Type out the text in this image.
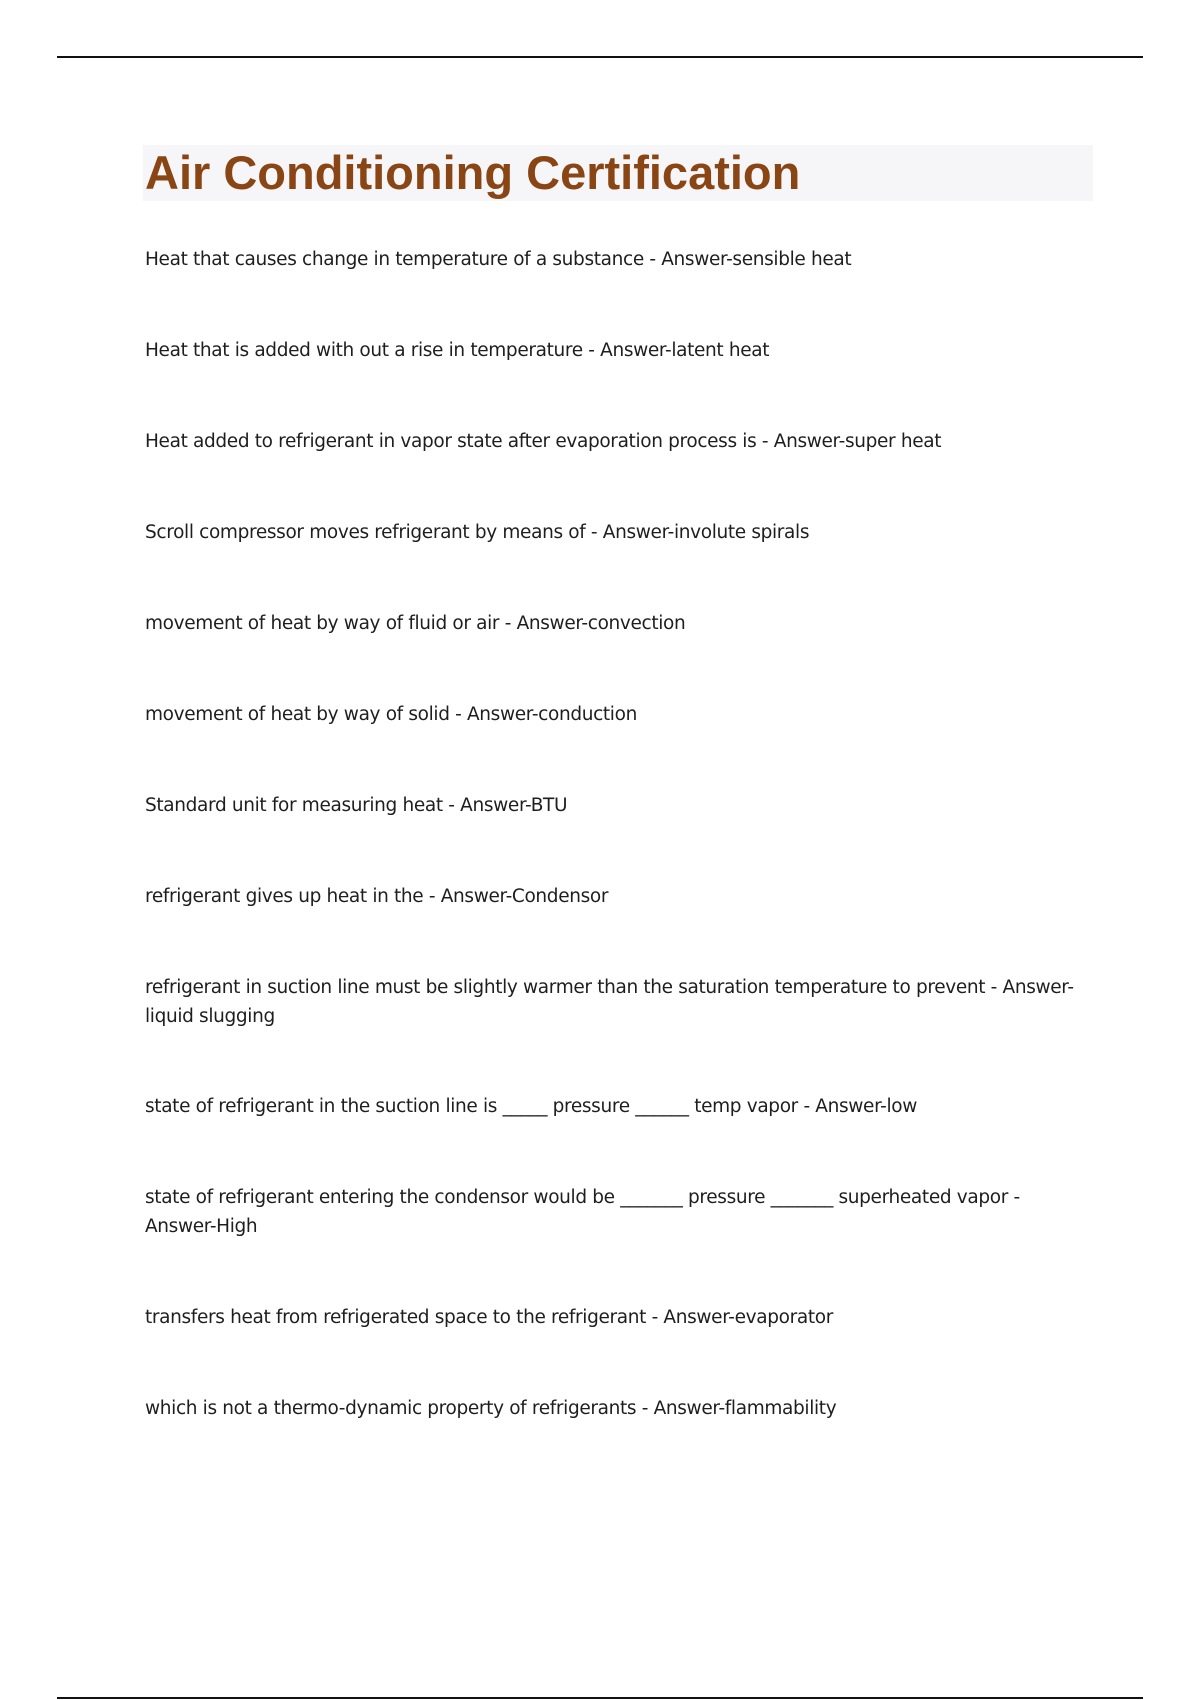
Air Conditioning Certification

Heat that causes change in temperature of a substance - Answer-sensible heat

Heat that is added with out a rise in temperature - Answer-latent heat

Heat added to refrigerant in vapor state after evaporation process is - Answer-super heat

Scroll compressor moves refrigerant by means of - Answer-involute spirals

movement of heat by way of fluid or air - Answer-convection

movement of heat by way of solid - Answer-conduction

Standard unit for measuring heat - Answer-BTU

refrigerant gives up heat in the - Answer-Condensor

refrigerant in suction line must be slightly warmer than the saturation temperature to prevent - Answer-liquid slugging

state of refrigerant in the suction line is _____ pressure ______ temp vapor - Answer-low

state of refrigerant entering the condensor would be _______ pressure _______ superheated vapor - Answer-High

transfers heat from refrigerated space to the refrigerant - Answer-evaporator

which is not a thermo-dynamic property of refrigerants - Answer-flammability
